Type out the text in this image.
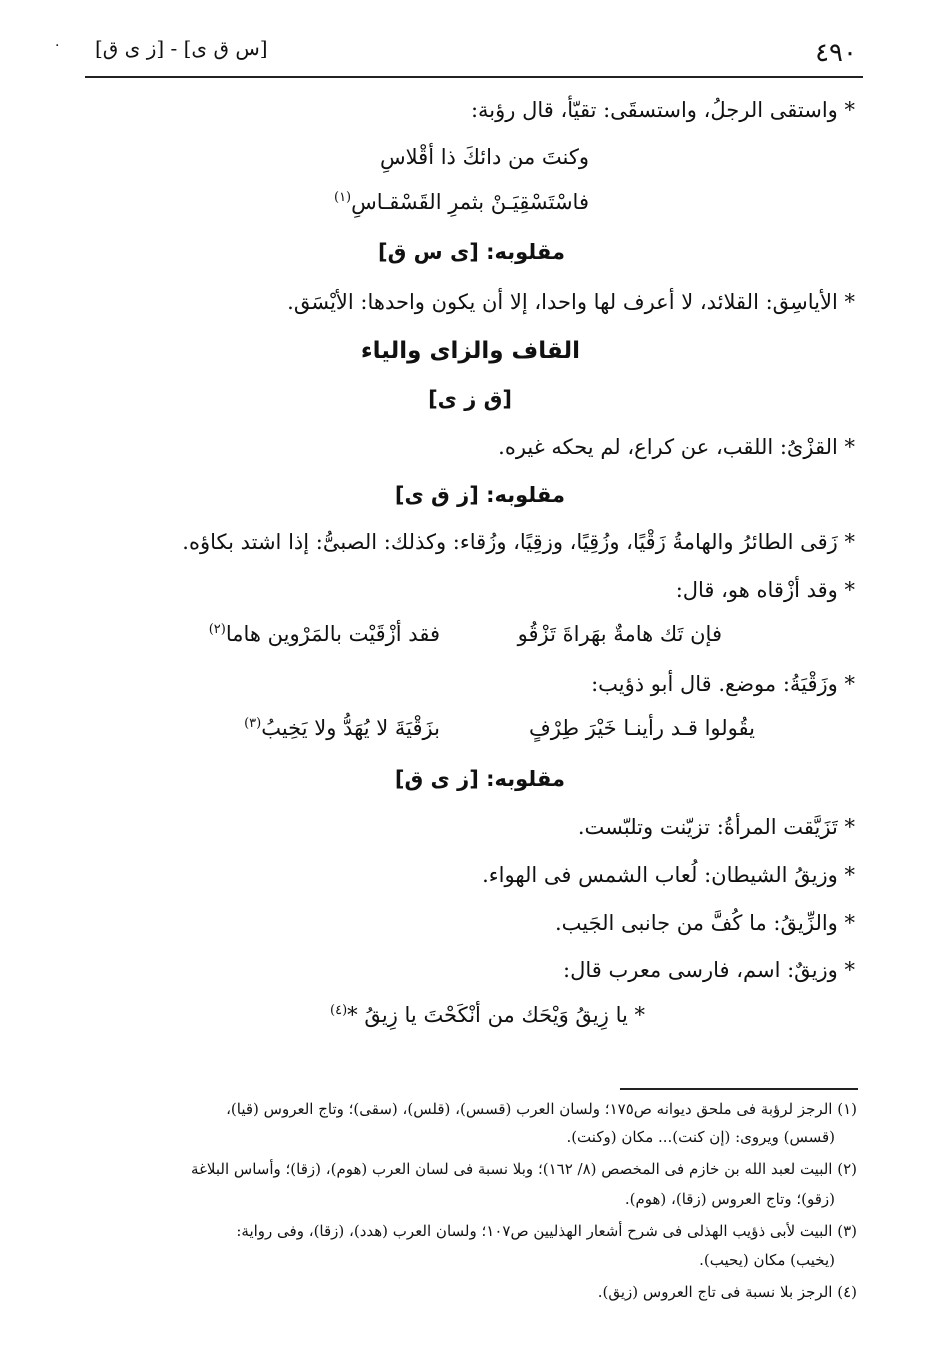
· [س ق ى] - [ز ى ق]	٤٩٠
* واستقى الرجلُ، واستسقَى: تقيّأ، قال رؤبة:
وكنتَ من دائكَ ذا أقْلاسِ
فاسْتَسْقِيَـنْ بثمرِ القَسْقـاسِ$^{(١)}$
مقلوبه: [ى س ق]
* الأياسِق: القلائد، لا أعرف لها واحدا، إلا أن يكون واحدها: الأيْسَق.
القاف والزاى والياء
[ق ز ى]
* القزْىُ: اللقب، عن كراع، لم يحكه غيره.
مقلوبه: [ز ق ى]
* زَقى الطائرُ والهامةُ زَقْيًا، وزُقِيًا، وزقِيًا، وزُقاء: وكذلك: الصبىُّ: إذا اشتد بكاؤه.
* وقد أزْقاه هو، قال:
فإن تَك هامةٌ بهَراةَ تَزْقُو
فقد أزْقَيْت بالمَرْوين هاما$^{(٢)}$
* وزَقْيَةُ: موضع. قال أبو ذؤيب:
يقُولوا قـد رأينـا خَيْرَ طِرْفٍ
بزَقْيَةَ لا يُهَدُّ ولا يَخِيبُ$^{(٣)}$
مقلوبه: [ز ى ق]
* تَزَيَّقت المرأةُ: تزيّنت وتلبّست.
* وزيقُ الشيطان: لُعاب الشمس فى الهواء.
* والزِّيقُ: ما كُفَّ من جانبى الجَيب.
* وزيقٌ: اسم، فارسى معرب قال:
* يا زِيقُ وَيْحَك من أنْكَحْتَ يا زِيقُ *$^{(٤)}$
(١) الرجز لرؤبة فى ملحق ديوانه ص١٧٥؛ ولسان العرب (قسس)، (قلس)، (سقى)؛ وتاج العروس (قيا)،
(قسس) ويروى: (إن كنت)... مكان (وكنت).
(٢) البيت لعبد الله بن خازم فى المخصص (٨/ ١٦٢)؛ وبلا نسبة فى لسان العرب (هوم)، (زقا)؛ وأساس البلاغة
(زقو)؛ وتاج العروس (زقا)، (هوم).
(٣) البيت لأبى ذؤيب الهذلى فى شرح أشعار الهذليين ص١٠٧؛ ولسان العرب (هدد)، (زقا)، وفى رواية:
(يخيب) مكان (يحيب).
(٤) الرجز بلا نسبة فى تاج العروس (زيق).
